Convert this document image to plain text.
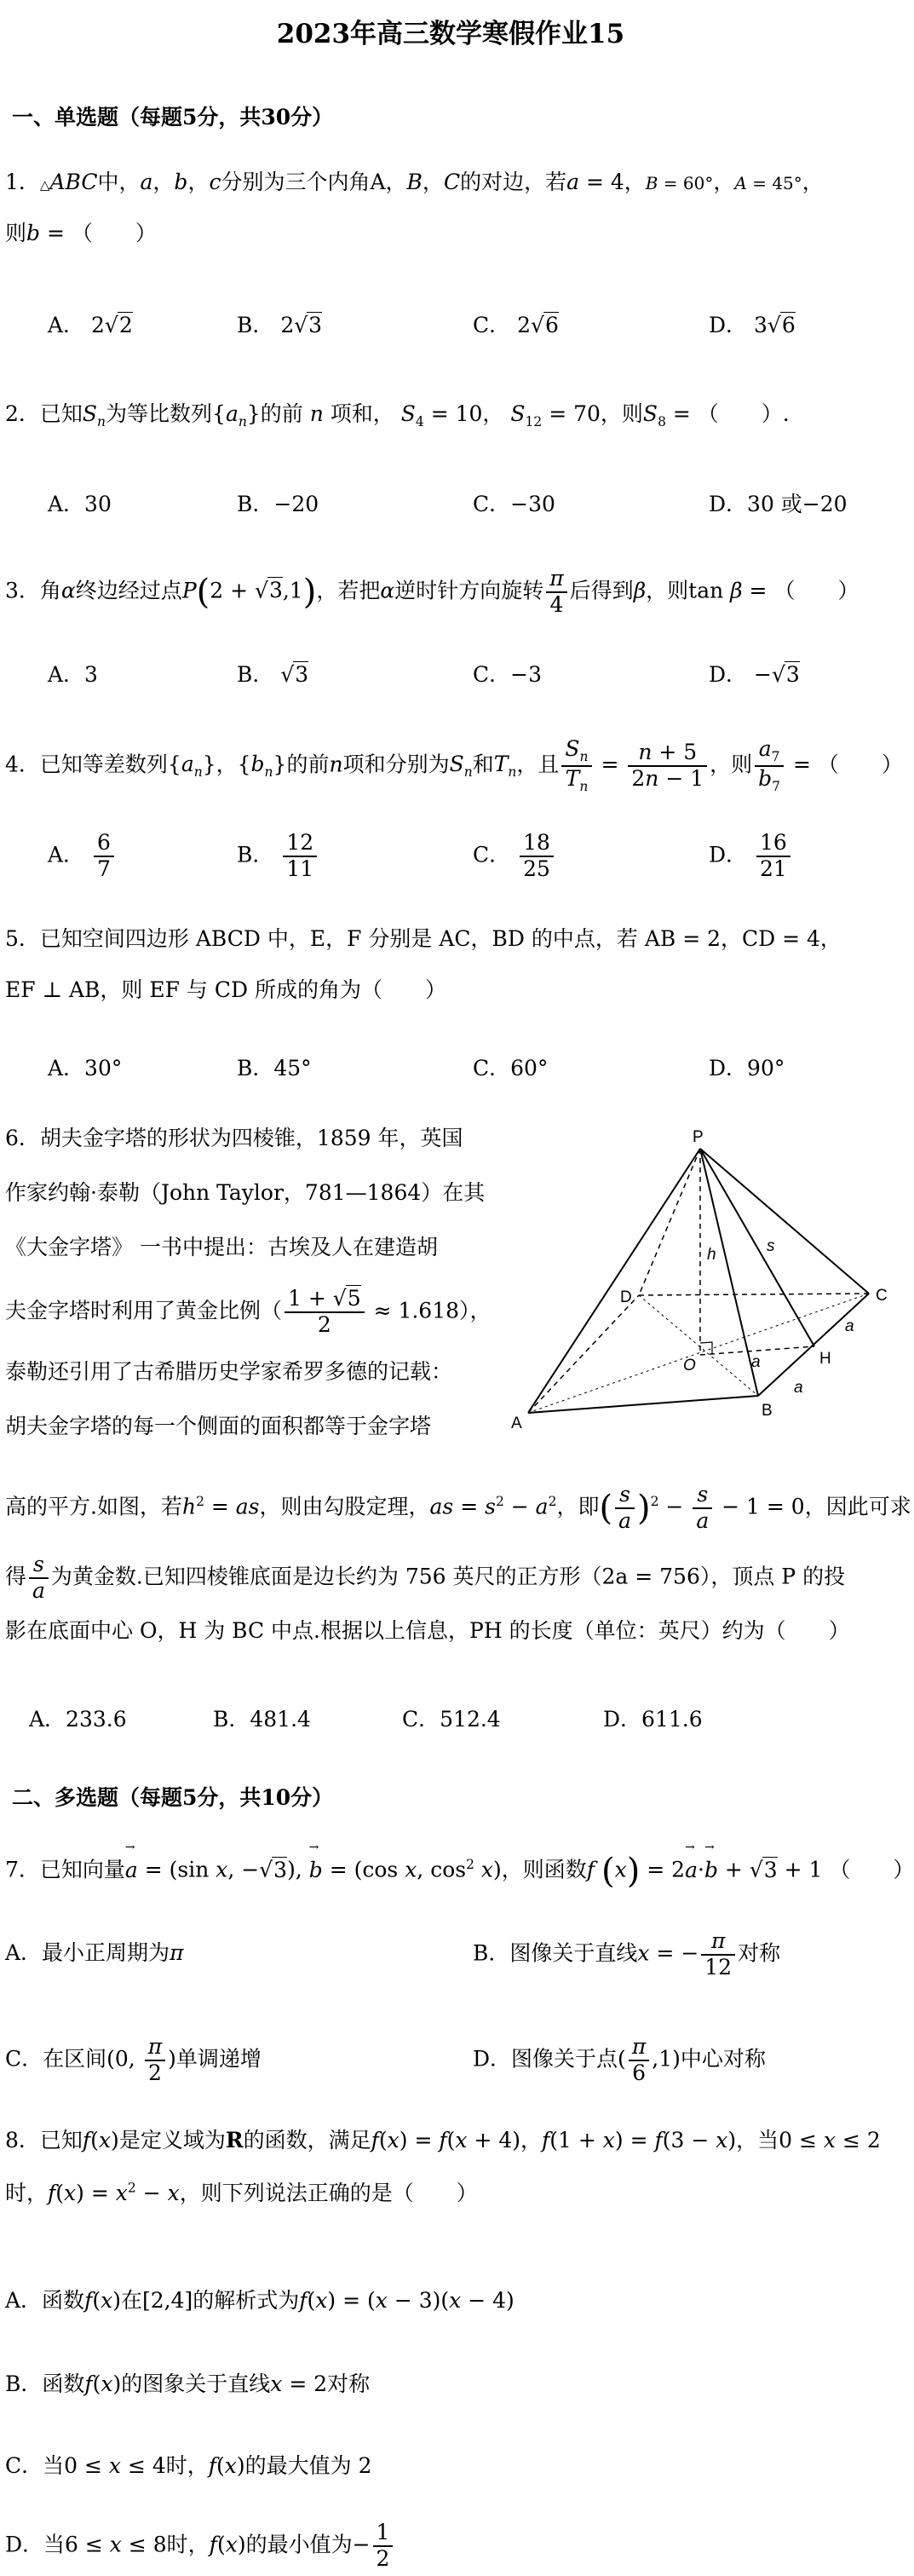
2023年高三数学寒假作业15
一、单选题（每题5分，共30分）
1．△ABC中，a，b，c分别为三个内角A，B，C的对边，若a = 4，B = 60°，A = 45°，
则b = （　　）
A． 2√2	B． 2√3	C． 2√6	D． 3√6
2．已知$S_n$为等比数列$\{a_n\}$的前 n 项和， $S_4 = 10$， $S_{12} = 70$，则$S_8$ = （　　）.
A．30	B．−20	C．−30	D．30 或−20
3．角α终边经过点P(2 + √3,1)，若把α逆时针方向旋转 $\frac{\pi}{4}$ 后得到β，则tan β = （　　）
A．3	B． √3	C．−3	D． −√3
4．已知等差数列$\{a_n\}$，$\{b_n\}$的前n项和分别为$S_n$和$T_n$，且 $\frac{S_n}{T_n} = \frac{n + 5}{2n - 1}$ ，则 $\frac{a_7}{b_7}$ = （　　）
A． $\frac{6}{7}$	B． $\frac{12}{11}$	C． $\frac{18}{25}$	D． $\frac{16}{21}$
5．已知空间四边形 ABCD 中，E，F 分别是 AC，BD 的中点，若 AB = 2，CD = 4，
EF ⊥ AB，则 EF 与 CD 所成的角为（　　）
A．30°	B．45°	C．60°	D．90°
6．胡夫金字塔的形状为四棱锥，1859 年，英国
作家约翰·泰勒（John Taylor，781—1864）在其
《大金字塔》 一书中提出：古埃及人在建造胡
夫金字塔时利用了黄金比例（ $\frac{1 + √5}{2} \approx 1.618$），
泰勒还引用了古希腊历史学家希罗多德的记载：
胡夫金字塔的每一个侧面的面积都等于金字塔
高的平方.如图，若$h^2$ = as，则由勾股定理，as = $s^2 - a^2$，即( $\frac{s}{a} )^2 - \frac{s}{a} - 1 = 0$，因此可求
得 $\frac{s}{a}$ 为黄金数.已知四棱锥底面是边长约为 756 英尺的正方形（2a = 756），顶点 P 的投
影在底面中心 O，H 为 BC 中点.根据以上信息，PH 的长度（单位：英尺）约为（　　）
A．233.6	B．481.4	C．512.4	D．611.6
P
A
B
C
D
O	H
h	s
a
a
a
二、多选题（每题5分，共10分）
7．已知向量→ a = (sin x, −√3), → b = (cos x, $\cos^2 x$)，则函数f (x) = 2→ a·→ b + √3 + 1 （　　）
A．最小正周期为π	B．图像关于直线x = − $\frac{\pi}{12}$ 对称
C．在区间(0, $\frac{\pi}{2}$ )单调递增	D．图像关于点( $\frac{\pi}{6} ,1$)中心对称
8．已知f(x)是定义域为R的函数，满足f(x) = f(x + 4)，f(1 + x) = f(3 − x)，当0 ≤ x ≤ 2
时，$f(x) = x^2 - x$，则下列说法正确的是（　　）
A．函数f(x)在[2,4]的解析式为f(x) = (x − 3)(x − 4)
B．函数f(x)的图象关于直线x = 2对称
C．当0 ≤ x ≤ 4时，f(x)的最大值为 2
D．当6 ≤ x ≤ 8时，f(x)的最小值为− $\frac{1}{2}$
